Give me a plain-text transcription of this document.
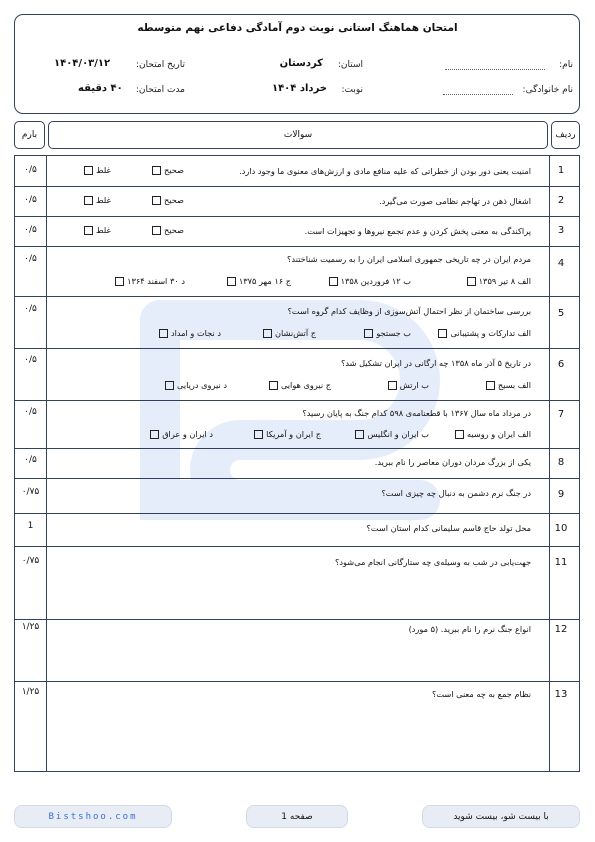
امتحان هماهنگ استانی نوبت دوم آمادگی دفاعی نهم متوسطه
نام:
نام خانوادگی:
استان:
کردستان
نوبت:
خرداد ۱۴۰۴
تاریخ امتحان:
۱۴۰۴/۰۳/۱۲
مدت امتحان:
۴۰ دقیقه
بارم	سوالات	ردیف
1
۰/۵	امنیت یعنی دور بودن از خطراتی که علیه منافع مادی و ارزش‌های معنوی ما وجود دارد.
صحیح
غلط
2
۰/۵	اشغال ذهن در تهاجم نظامی صورت می‌گیرد.
صحیح
غلط
3
۰/۵	پراکندگی به معنی پخش کردن و عدم تجمع نیروها و تجهیزات است.
صحیح
غلط
4
۰/۵	مردم ایران در چه تاریخی جمهوری اسلامی ایران را به رسمیت شناختند؟
الف ۸ تیر ۱۳۵۹
ب ۱۲ فروردین ۱۳۵۸
ج ۱۶ مهر ۱۳۷۵
د ۳۰ اسفند ۱۳۶۴
5
۰/۵	بررسی ساختمان از نظر احتمال آتش‌سوزی از وظایف کدام گروه است؟
الف تدارکات و پشتیبانی
ب جستجو
ج آتش‌نشان
د نجات و امداد
6
۰/۵	در تاریخ ۵ آذر ماه ۱۳۵۸ چه ارگانی در ایران تشکیل شد؟
الف بسیج
ب ارتش
ج نیروی هوایی
د نیروی دریایی
7
۰/۵	در مرداد ماه سال ۱۳۶۷ با قطعنامه‌ی ۵۹۸ کدام جنگ به پایان رسید؟
الف ایران و روسیه
ب ایران و انگلیس
ج ایران و آمریکا
د ایران و عراق
8
۰/۵	یکی از بزرگ مردان دوران معاصر را نام ببرید.
9
۰/۷۵	در جنگ نرم دشمن به دنبال چه چیزی است؟
10
1	محل تولد حاج قاسم سلیمانی کدام استان است؟
11
۰/۷۵	جهت‌یابی در شب به وسیله‌ی چه ستارگانی انجام می‌شود؟
12
۱/۲۵	انواع جنگ نرم را نام ببرید. (۵ مورد)
13
۱/۲۵	نظام جمع به چه معنی است؟
Bistshoo.com	صفحه 1	با بیست شو، بیست شوید
